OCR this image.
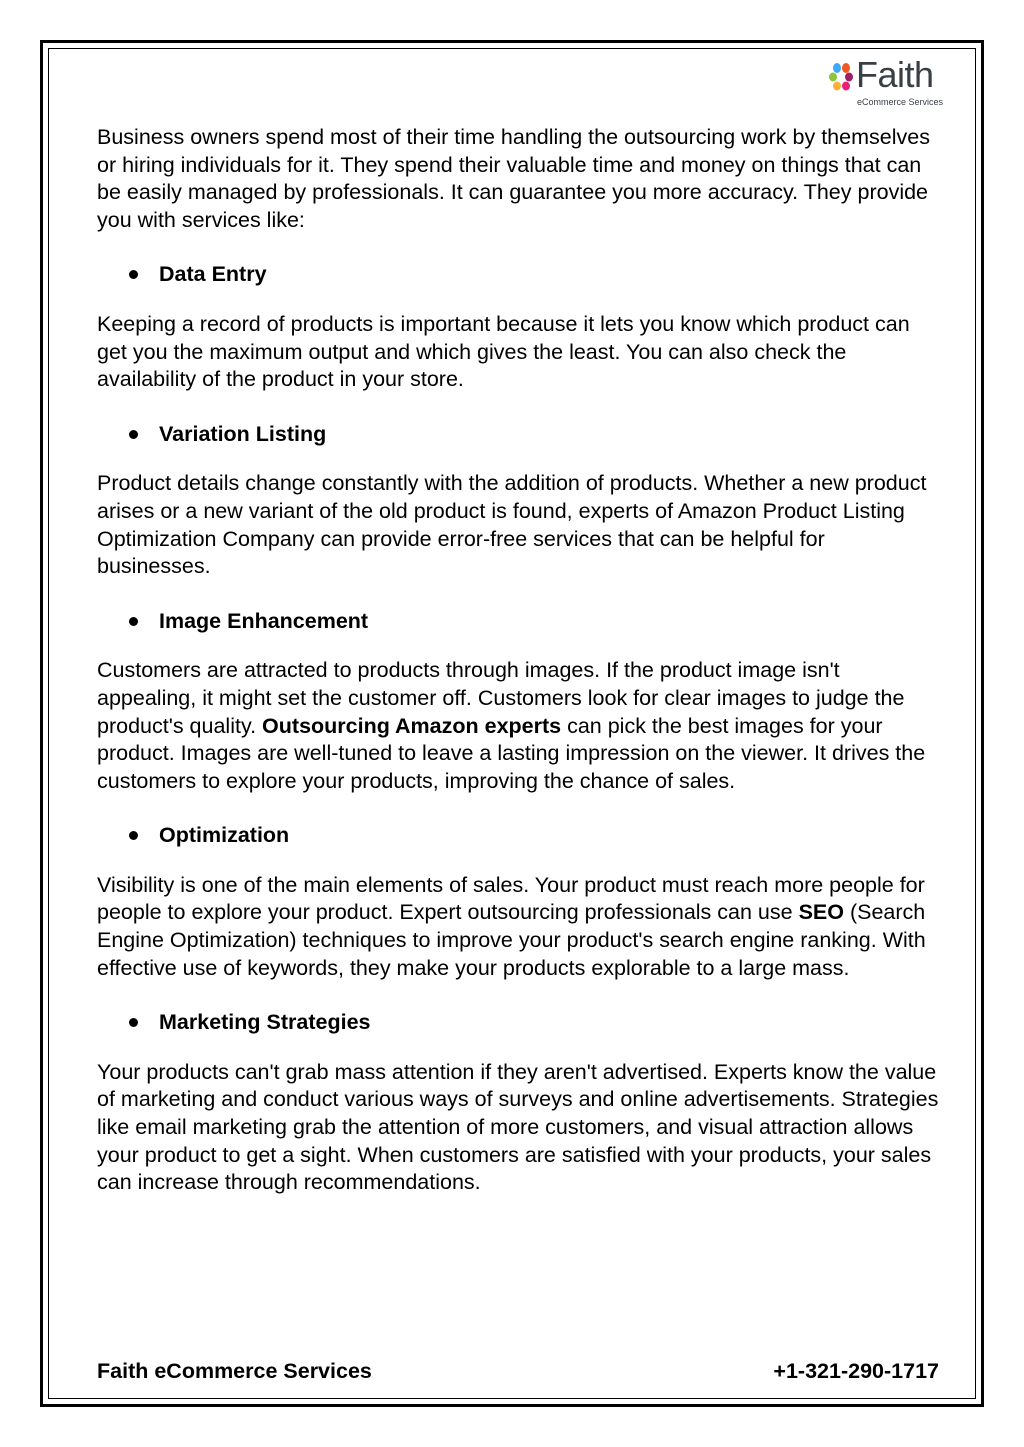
Faith
eCommerce Services

Business owners spend most of their time handling the outsourcing work by themselves or hiring individuals for it. They spend their valuable time and money on things that can be easily managed by professionals. It can guarantee you more accuracy. They provide you with services like:

Data Entry

Keeping a record of products is important because it lets you know which product can get you the maximum output and which gives the least. You can also check the availability of the product in your store.

Variation Listing

Product details change constantly with the addition of products. Whether a new product arises or a new variant of the old product is found, experts of Amazon Product Listing Optimization Company can provide error-free services that can be helpful for businesses.

Image Enhancement

Customers are attracted to products through images. If the product image isn't appealing, it might set the customer off. Customers look for clear images to judge the product's quality. Outsourcing Amazon experts can pick the best images for your product. Images are well-tuned to leave a lasting impression on the viewer. It drives the customers to explore your products, improving the chance of sales.

Optimization

Visibility is one of the main elements of sales. Your product must reach more people for people to explore your product. Expert outsourcing professionals can use SEO (Search Engine Optimization) techniques to improve your product's search engine ranking. With effective use of keywords, they make your products explorable to a large mass.

Marketing Strategies

Your products can't grab mass attention if they aren't advertised. Experts know the value of marketing and conduct various ways of surveys and online advertisements. Strategies like email marketing grab the attention of more customers, and visual attraction allows your product to get a sight. When customers are satisfied with your products, your sales can increase through recommendations.

Faith eCommerce Services	+1-321-290-1717
